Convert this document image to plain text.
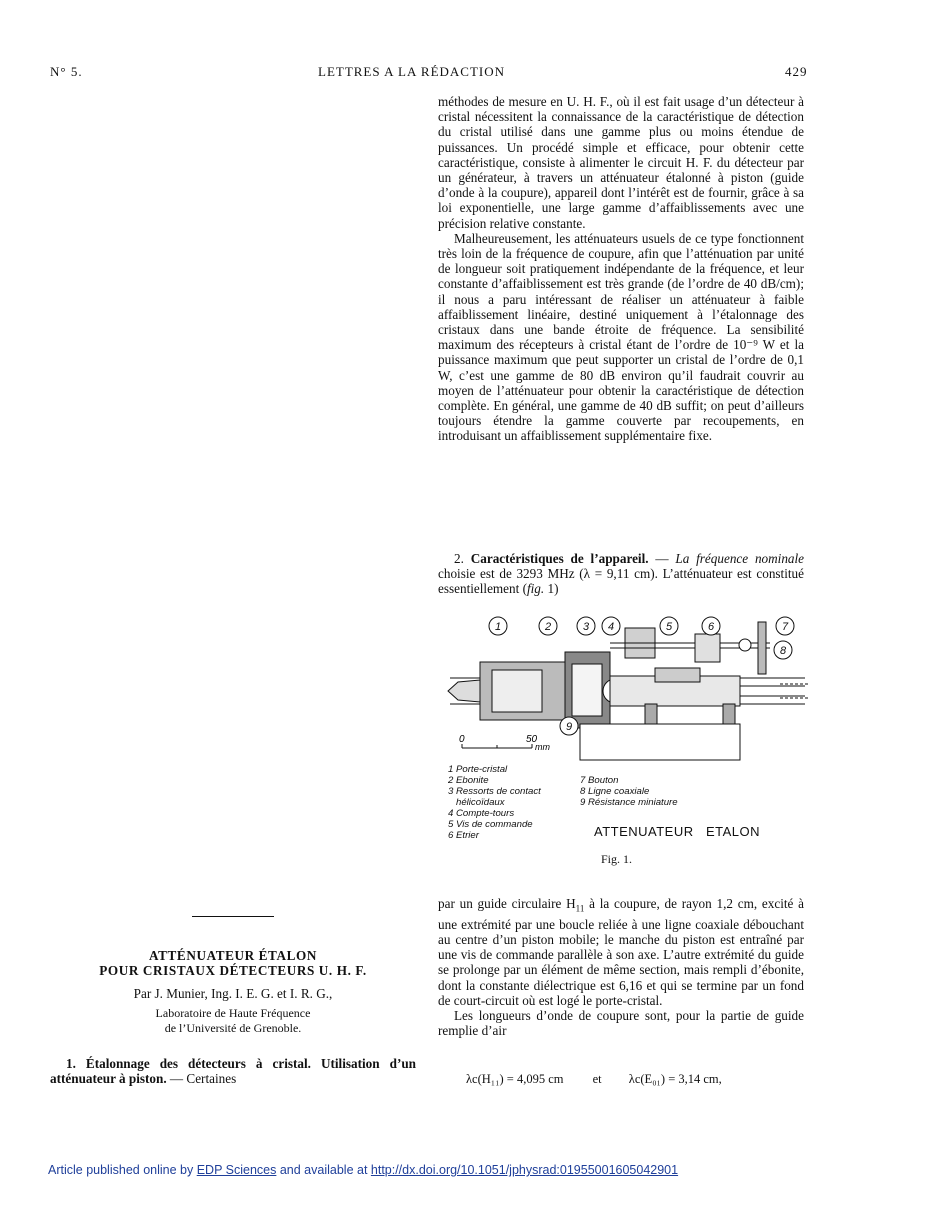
N° 5.	LETTRES A LA RÉDACTION	429

méthodes de mesure en U. H. F., où il est fait usage d’un détecteur à cristal nécessitent la connaissance de la caractéristique de détection du cristal utilisé dans une gamme plus ou moins étendue de puissances. Un procédé simple et efficace, pour obtenir cette caractéristique, consiste à alimenter le circuit H. F. du détecteur par un générateur, à travers un atténuateur étalonné à piston (guide d’onde à la coupure), appareil dont l’intérêt est de fournir, grâce à sa loi exponentielle, une large gamme d’affaiblissements avec une précision relative constante.

Malheureusement, les atténuateurs usuels de ce type fonctionnent très loin de la fréquence de coupure, afin que l’atténuation par unité de longueur soit pratiquement indépendante de la fréquence, et leur constante d’affaiblissement est très grande (de l’ordre de 40 dB/cm); il nous a paru intéressant de réaliser un atténuateur à faible affaiblissement linéaire, destiné uniquement à l’étalonnage des cristaux dans une bande étroite de fréquence. La sensibilité maximum des récepteurs à cristal étant de l’ordre de 10⁻⁹ W et la puissance maximum que peut supporter un cristal de l’ordre de 0,1 W, c’est une gamme de 80 dB environ qu’il faudrait couvrir au moyen de l’atténuateur pour obtenir la caractéristique de détection complète. En général, une gamme de 40 dB suffit; on peut d’ailleurs toujours étendre la gamme couverte par recoupements, en introduisant un affaiblissement supplémentaire fixe.

2. Caractéristiques de l’appareil. — La fréquence nominale choisie est de 3293 MHz (λ = 9,11 cm). L’atténuateur est constitué essentiellement (fig. 1)

1	2	3 4	5	6	7
8
9
0	50
mm
1 Porte-cristal
2 Ebonite
3 Ressorts de contact
hélicoïdaux
4 Compte-tours
5 Vis de commande
6 Etrier
7 Bouton
8 Ligne coaxiale
9 Résistance miniature
ATTENUATEUR   ETALON
Fig. 1.

par un guide circulaire $H_{11}$ à la coupure, de rayon 1,2 cm, excité à une extrémité par une boucle reliée à une ligne coaxiale débouchant au centre d’un piston mobile; le manche du piston est entraîné par une vis de commande parallèle à son axe. L’autre extrémité du guide se prolonge par un élément de même section, mais rempli d’ébonite, dont la constante diélectrique est 6,16 et qui se termine par un fond de court-circuit où est logé le porte-cristal.

Les longueurs d’onde de coupure sont, pour la partie de guide remplie d’air

λc(H₁₁) = 4,095 cm et λc(E₀₁) = 3,14 cm,
ATTÉNUATEUR ÉTALON
POUR CRISTAUX DÉTECTEURS U. H. F.
Par J. Munier, Ing. I. E. G. et I. R. G.,
Laboratoire de Haute Fréquence
de l’Université de Grenoble.

1. Étalonnage des détecteurs à cristal. Utilisation d’un atténuateur à piston. — Certaines

Article published online by EDP Sciences and available at http://dx.doi.org/10.1051/jphysrad:01955001605042901
